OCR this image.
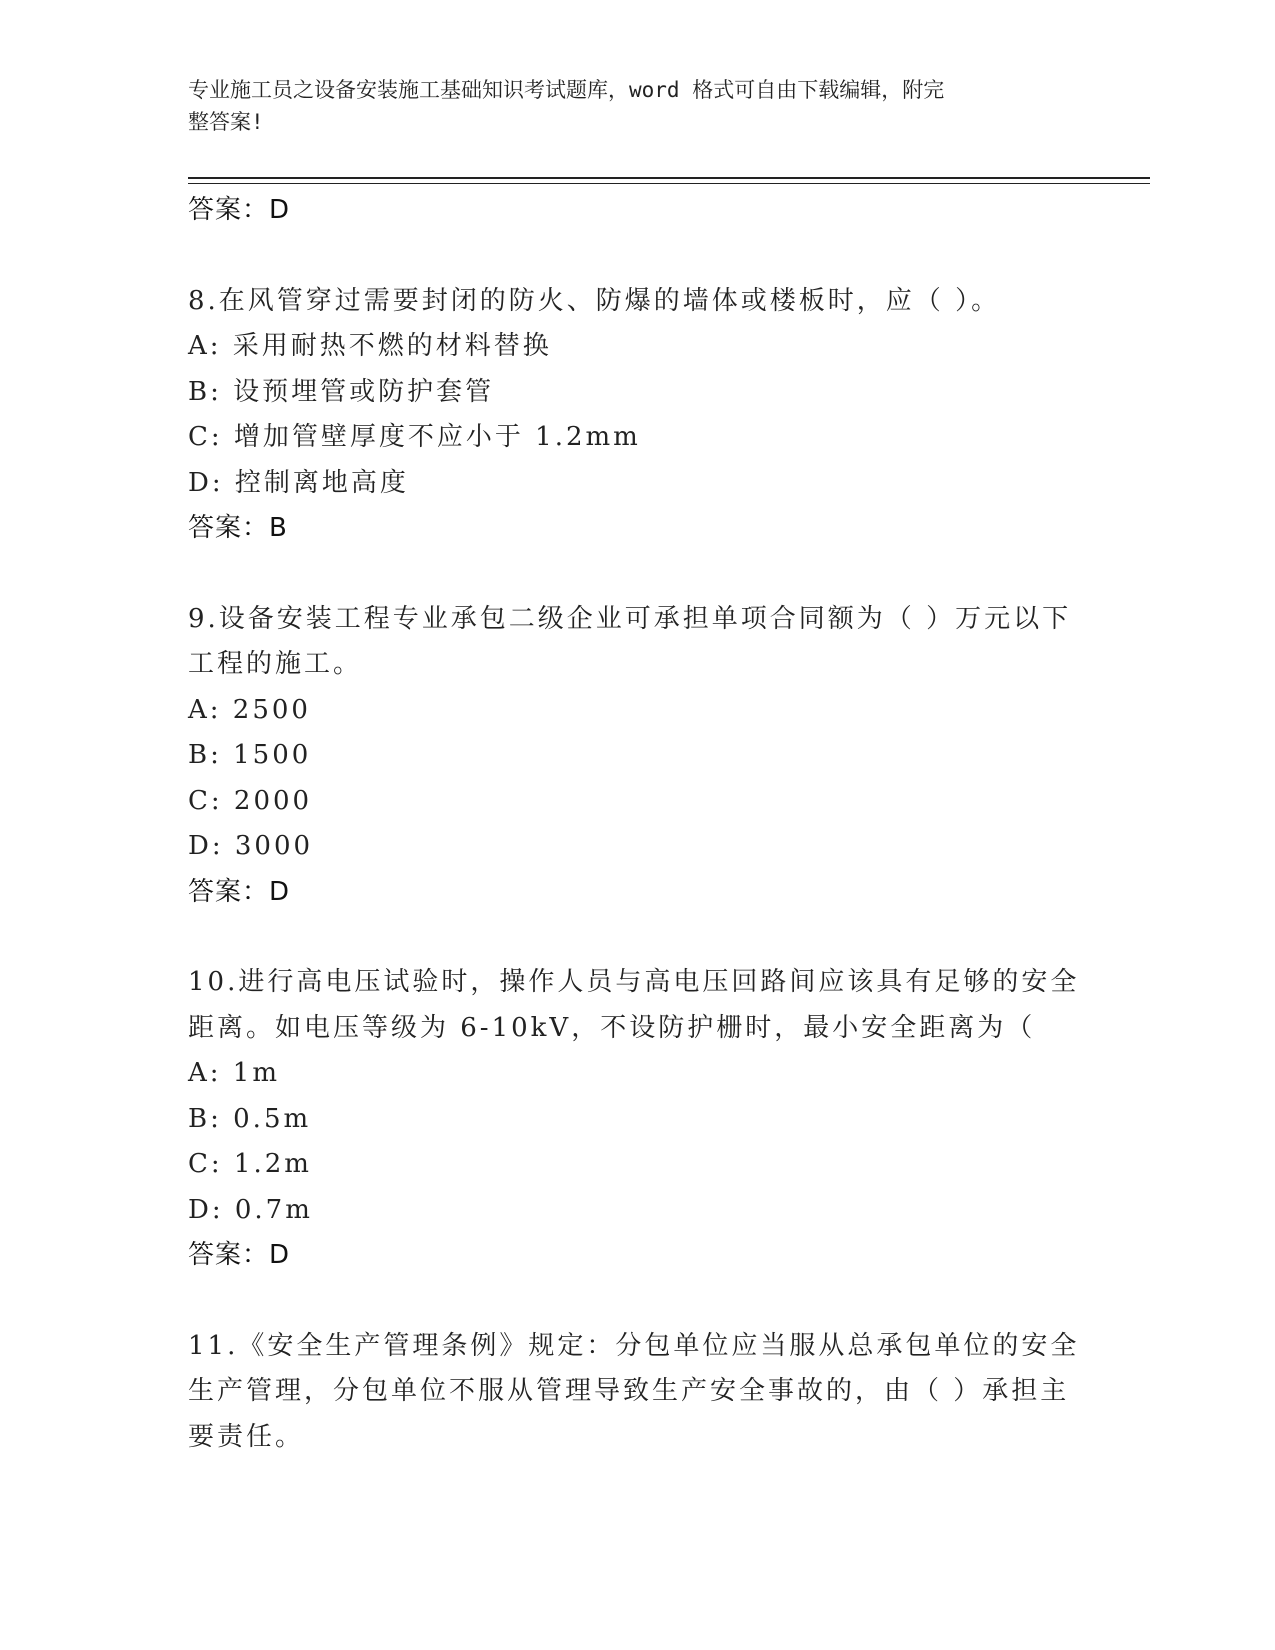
专业施工员之设备安装施工基础知识考试题库，word 格式可自由下载编辑，附完
整答案!
答案：D
8.在风管穿过需要封闭的防火、防爆的墙体或楼板时，应（ ）。
A: 采用耐热不燃的材料替换
B: 设预埋管或防护套管
C: 增加管壁厚度不应小于 1.2mm
D: 控制离地高度
答案：B
9.设备安装工程专业承包二级企业可承担单项合同额为（ ）万元以下
工程的施工。
A: 2500
B: 1500
C: 2000
D: 3000
答案：D
10.进行高电压试验时，操作人员与高电压回路间应该具有足够的安全
距离。如电压等级为 6-10kV，不设防护栅时，最小安全距离为（
A: 1m
B: 0.5m
C: 1.2m
D: 0.7m
答案：D
11.《安全生产管理条例》规定：分包单位应当服从总承包单位的安全
生产管理，分包单位不服从管理导致生产安全事故的，由（ ）承担主
要责任。
